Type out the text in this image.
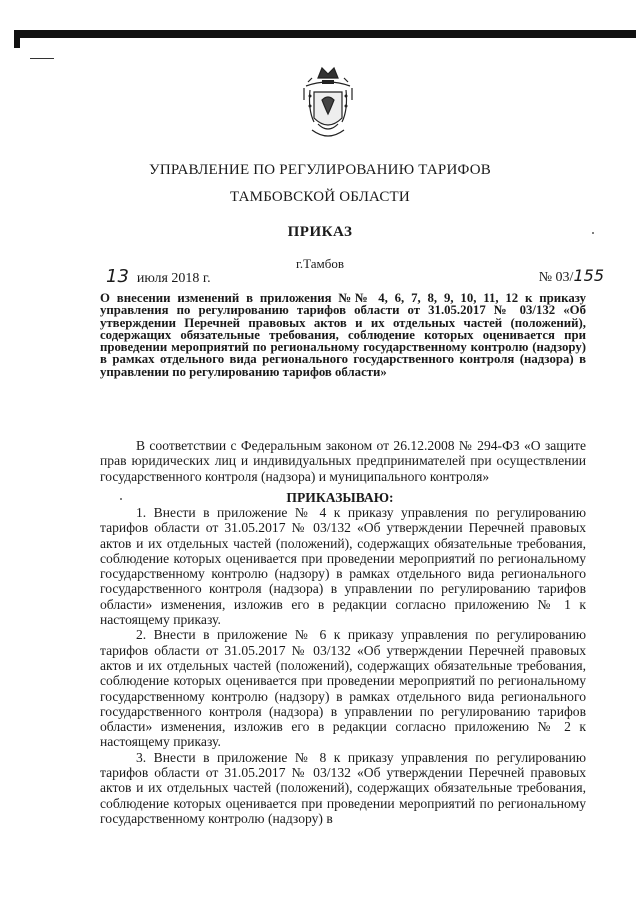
УПРАВЛЕНИЕ ПО РЕГУЛИРОВАНИЮ ТАРИФОВ
ТАМБОВСКОЙ ОБЛАСТИ
ПРИКАЗ
г.Тамбов
13 июля 2018 г.	№ 03/155
О внесении изменений в приложения №№ 4, 6, 7, 8, 9, 10, 11, 12 к приказу управления по регулированию тарифов области от 31.05.2017 № 03/132 «Об утверждении Перечней правовых актов и их отдельных частей (положений), содержащих обязательные требования, соблюдение которых оценивается при проведении мероприятий по региональному государственному контролю (надзору) в рамках отдельного вида регионального государственного контроля (надзора) в управлении по регулированию тарифов области»
В соответствии с Федеральным законом от 26.12.2008 № 294-ФЗ «О защите прав юридических лиц и индивидуальных предпринимателей при осуществлении государственного контроля (надзора) и муниципального контроля»
ПРИКАЗЫВАЮ:

1. Внести в приложение № 4 к приказу управления по регулированию тарифов области от 31.05.2017 № 03/132 «Об утверждении Перечней правовых актов и их отдельных частей (положений), содержащих обязательные требования, соблюдение которых оценивается при проведении мероприятий по региональному государственному контролю (надзору) в рамках отдельного вида регионального государственного контроля (надзора) в управлении по регулированию тарифов области» изменения, изложив его в редакции согласно приложению № 1 к настоящему приказу.

2. Внести в приложение № 6 к приказу управления по регулированию тарифов области от 31.05.2017 № 03/132 «Об утверждении Перечней правовых актов и их отдельных частей (положений), содержащих обязательные требования, соблюдение которых оценивается при проведении мероприятий по региональному государственному контролю (надзору) в рамках отдельного вида регионального государственного контроля (надзора) в управлении по регулированию тарифов области» изменения, изложив его в редакции согласно приложению № 2 к настоящему приказу.

3. Внести в приложение № 8 к приказу управления по регулированию тарифов области от 31.05.2017 № 03/132 «Об утверждении Перечней правовых актов и их отдельных частей (положений), содержащих обязательные требования, соблюдение которых оценивается при проведении мероприятий по региональному государственному контролю (надзору) в
